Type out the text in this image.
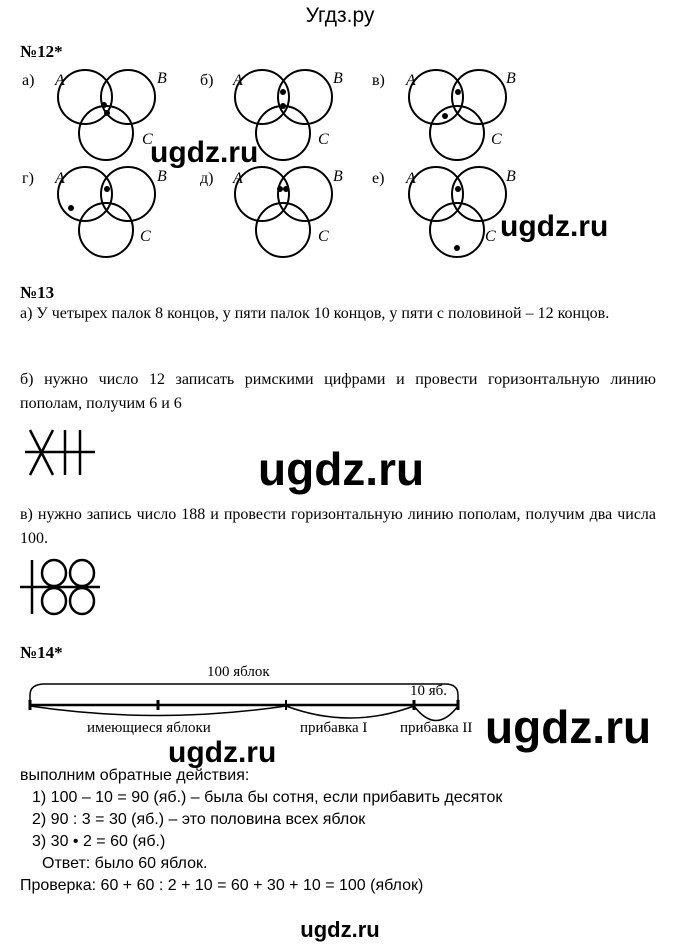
Угдз.ру
№12*
а)	б)	в)
г)	д)	е)
A	B
C
A	B
C
A	B
C
A	B
C
A	B
C
A	B
C
ugdz.ru
ugdz.ru
№13
а) У четырех палок 8 концов, у пяти палок 10 концов, у пяти с половиной – 12 концов.
б) нужно число 12 записать римскими цифрами и провести горизонтальную линию пополам, получим 6 и 6
ugdz.ru
в) нужно запись число 188 и провести горизонтальную линию пополам, получим два числа 100.
№14*
100 яблок
10 яб.
имеющиеся яблоки	прибавка I прибавка II ugdz.ru
ugdz.ru
выполним обратные действия:
1) 100 – 10 = 90 (яб.) – была бы сотня, если прибавить десяток
2) 90 : 3 = 30 (яб.) – это половина всех яблок
3) 30 • 2 = 60 (яб.)
Ответ: было 60 яблок.
Проверка: 60 + 60 : 2 + 10 = 60 + 30 + 10 = 100 (яблок)
ugdz.ru
